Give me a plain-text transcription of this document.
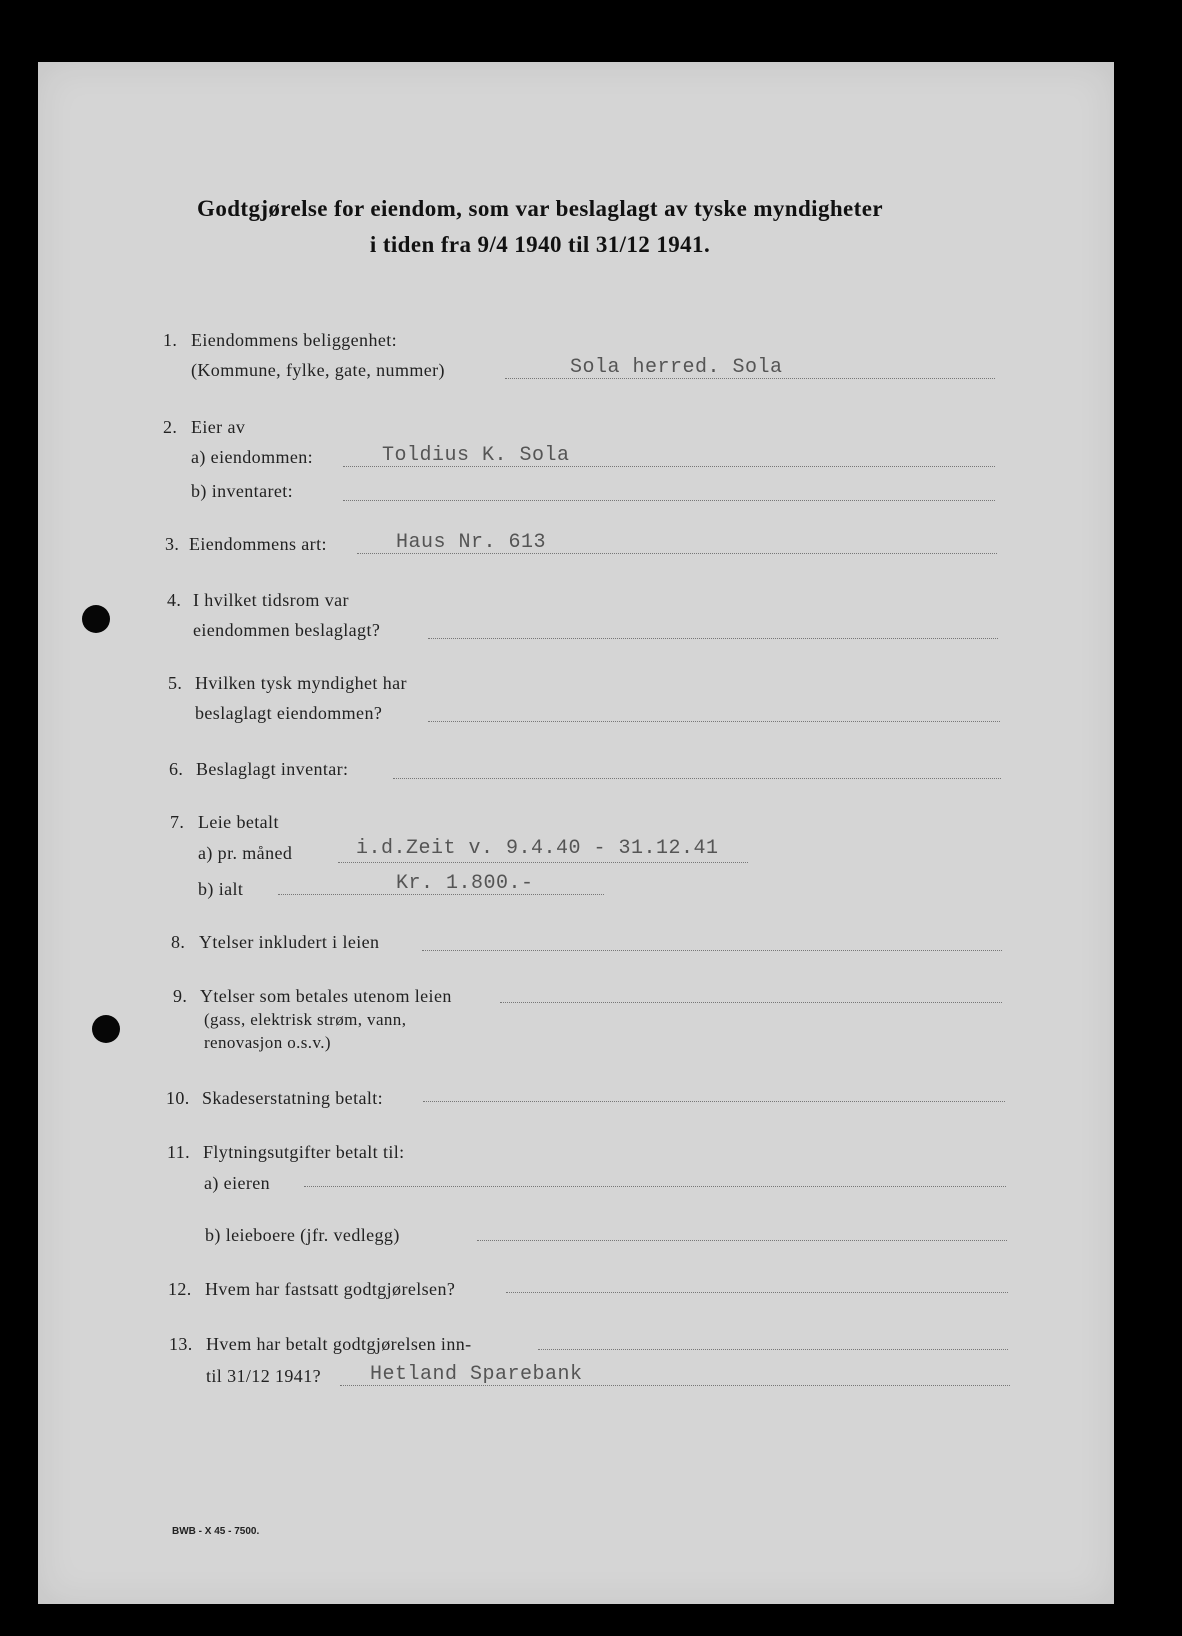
Godtgjørelse for eiendom, som var beslaglagt av tyske myndigheter
i tiden fra 9/4 1940 til 31/12 1941.
1. Eiendommens beliggenhet:
(Kommune, fylke, gate, nummer)	Sola herred. Sola
2. Eier av
a) eiendommen:	Toldius K. Sola
b) inventaret:
3. Eiendommens art:	Haus Nr. 613
4. I hvilket tidsrom var
eiendommen beslaglagt?
5. Hvilken tysk myndighet har
beslaglagt eiendommen?
6. Beslaglagt inventar:
7. Leie betalt
a) pr. måned	i.d.Zeit v. 9.4.40 - 31.12.41
b) ialt	Kr. 1.800.-
8. Ytelser inkludert i leien
9. Ytelser som betales utenom leien
(gass, elektrisk strøm, vann,
renovasjon o.s.v.)
10. Skadeserstatning betalt:
11. Flytningsutgifter betalt til:
a) eieren
b) leieboere (jfr. vedlegg)
12. Hvem har fastsatt godtgjørelsen?
13. Hvem har betalt godtgjørelsen inn-
til 31/12 1941? Hetland Sparebank
BWB - X 45 - 7500.
